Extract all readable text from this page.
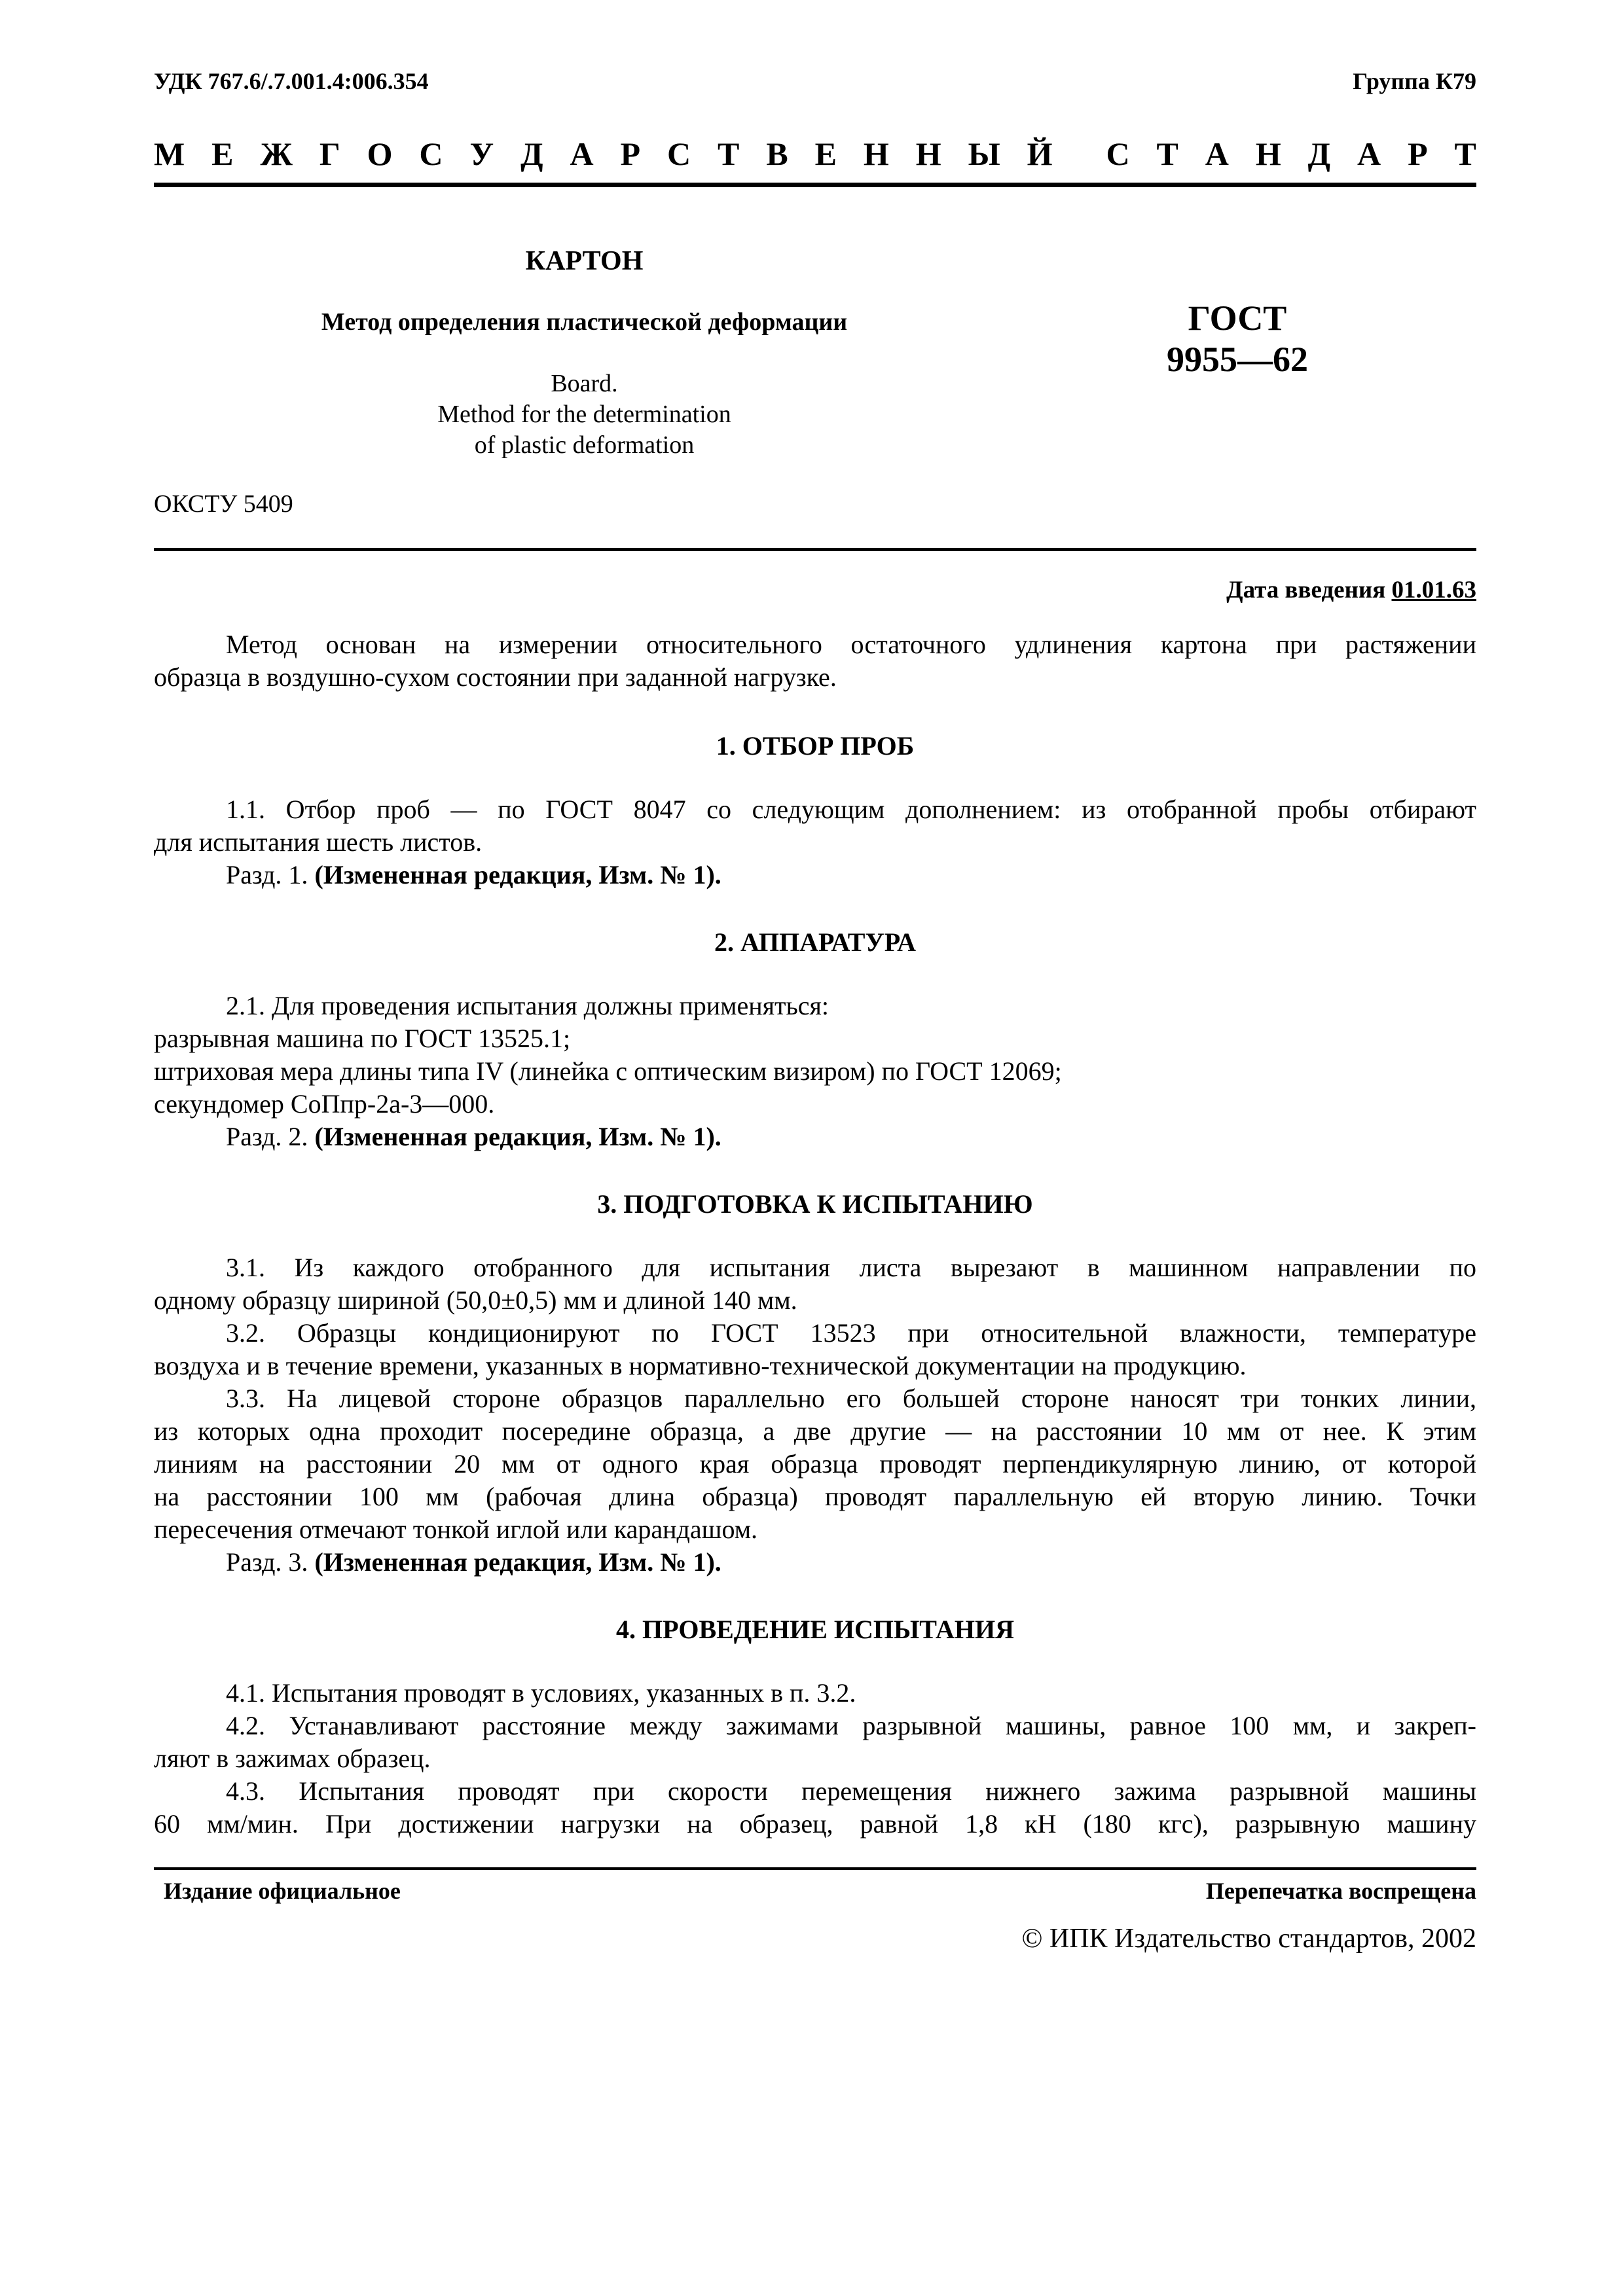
УДК 767.6/.7.001.4:006.354	Группа К79
М Е Ж Г О С У Д А Р С Т В Е Н Н Ы Й С Т А Н Д А Р Т
КАРТОН
Метод определения пластической деформации
Board.
Method for the determination
of plastic deformation
ГОСТ
9955—62
ОКСТУ 5409
Дата введения 01.01.63

Метод основан на измерении относительного остаточного удлинения картона при растяжении
образца в воздушно-сухом состоянии при заданной нагрузке.

1. ОТБОР ПРОБ

1.1. Отбор проб — по ГОСТ 8047 со следующим дополнением: из отобранной пробы отбирают
для испытания шесть листов.
Разд. 1. (Измененная редакция, Изм. № 1).

2. АППАРАТУРА

2.1. Для проведения испытания должны применяться:
разрывная машина по ГОСТ 13525.1;
штриховая мера длины типа IV (линейка с оптическим визиром) по ГОСТ 12069;
секундомер СоПпр-2а-3—000.
Разд. 2. (Измененная редакция, Изм. № 1).

3. ПОДГОТОВКА К ИСПЫТАНИЮ

3.1. Из каждого отобранного для испытания листа вырезают в машинном направлении по
одному образцу шириной (50,0±0,5) мм и длиной 140 мм.
3.2. Образцы кондиционируют по ГОСТ 13523 при относительной влажности, температуре
воздуха и в течение времени, указанных в нормативно-технической документации на продукцию.
3.3. На лицевой стороне образцов параллельно его большей стороне наносят три тонких линии,
из которых одна проходит посередине образца, а две другие — на расстоянии 10 мм от нее. К этим
линиям на расстоянии 20 мм от одного края образца проводят перпендикулярную линию, от которой
на расстоянии 100 мм (рабочая длина образца) проводят параллельную ей вторую линию. Точки
пересечения отмечают тонкой иглой или карандашом.
Разд. 3. (Измененная редакция, Изм. № 1).

4. ПРОВЕДЕНИЕ ИСПЫТАНИЯ

4.1. Испытания проводят в условиях, указанных в п. 3.2.
4.2. Устанавливают расстояние между зажимами разрывной машины, равное 100 мм, и закреп-
ляют в зажимах образец.
4.3. Испытания проводят при скорости перемещения нижнего зажима разрывной машины
60 мм/мин. При достижении нагрузки на образец, равной 1,8 кН (180 кгс), разрывную машину

Издание официальное	Перепечатка воспрещена
© ИПК Издательство стандартов, 2002
